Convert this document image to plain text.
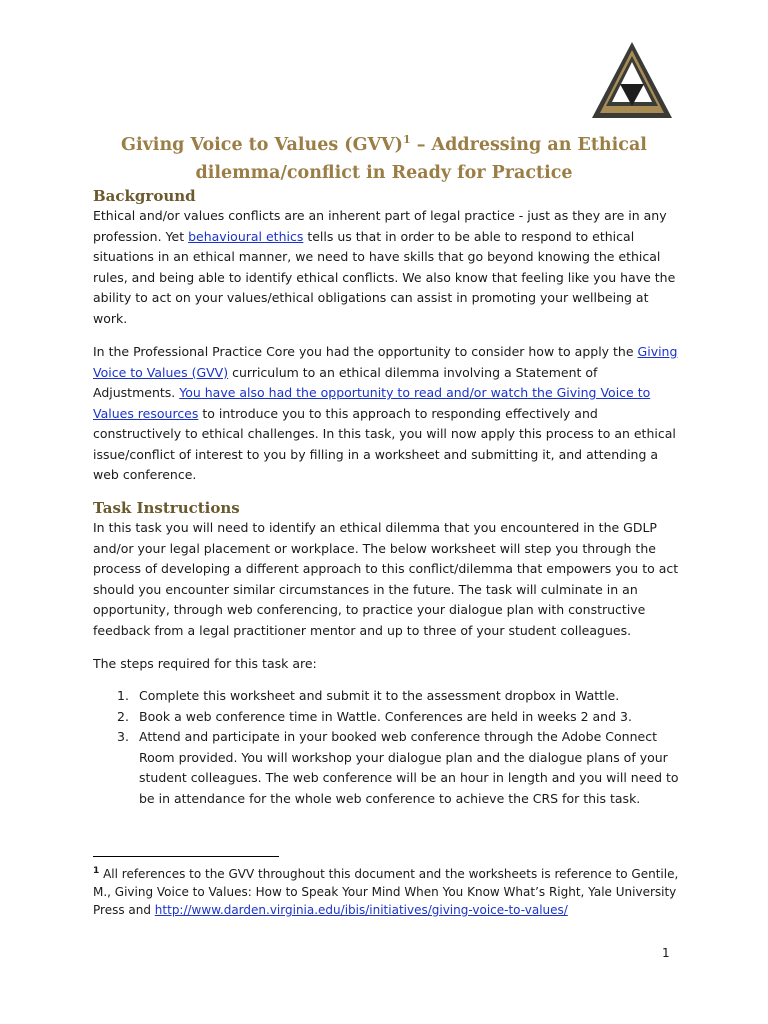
Giving Voice to Values (GVV)$^1$ – Addressing an Ethical
dilemma/conflict in Ready for Practice
Background

Ethical and/or values conflicts are an inherent part of legal practice - just as they are in any profession. Yet behavioural ethics tells us that in order to be able to respond to ethical situations in an ethical manner, we need to have skills that go beyond knowing the ethical rules, and being able to identify ethical conflicts. We also know that feeling like you have the ability to act on your values/ethical obligations can assist in promoting your wellbeing at work.

In the Professional Practice Core you had the opportunity to consider how to apply the Giving Voice to Values (GVV) curriculum to an ethical dilemma involving a Statement of Adjustments. You have also had the opportunity to read and/or watch the Giving Voice to Values resources to introduce you to this approach to responding effectively and constructively to ethical challenges. In this task, you will now apply this process to an ethical issue/conflict of interest to you by filling in a worksheet and submitting it, and attending a web conference.

Task Instructions

In this task you will need to identify an ethical dilemma that you encountered in the GDLP and/or your legal placement or workplace. The below worksheet will step you through the process of developing a different approach to this conflict/dilemma that empowers you to act should you encounter similar circumstances in the future. The task will culminate in an opportunity, through web conferencing, to practice your dialogue plan with constructive feedback from a legal practitioner mentor and up to three of your student colleagues.

The steps required for this task are:

1. Complete this worksheet and submit it to the assessment dropbox in Wattle.
2. Book a web conference time in Wattle. Conferences are held in weeks 2 and 3.
3. Attend and participate in your booked web conference through the Adobe Connect Room provided. You will workshop your dialogue plan and the dialogue plans of your student colleagues. The web conference will be an hour in length and you will need to be in attendance for the whole web conference to achieve the CRS for this task.

$^1$ All references to the GVV throughout this document and the worksheets is reference to Gentile, M., Giving Voice to Values: How to Speak Your Mind When You Know What’s Right, Yale University Press and http://www.darden.virginia.edu/ibis/initiatives/giving-voice-to-values/

1
